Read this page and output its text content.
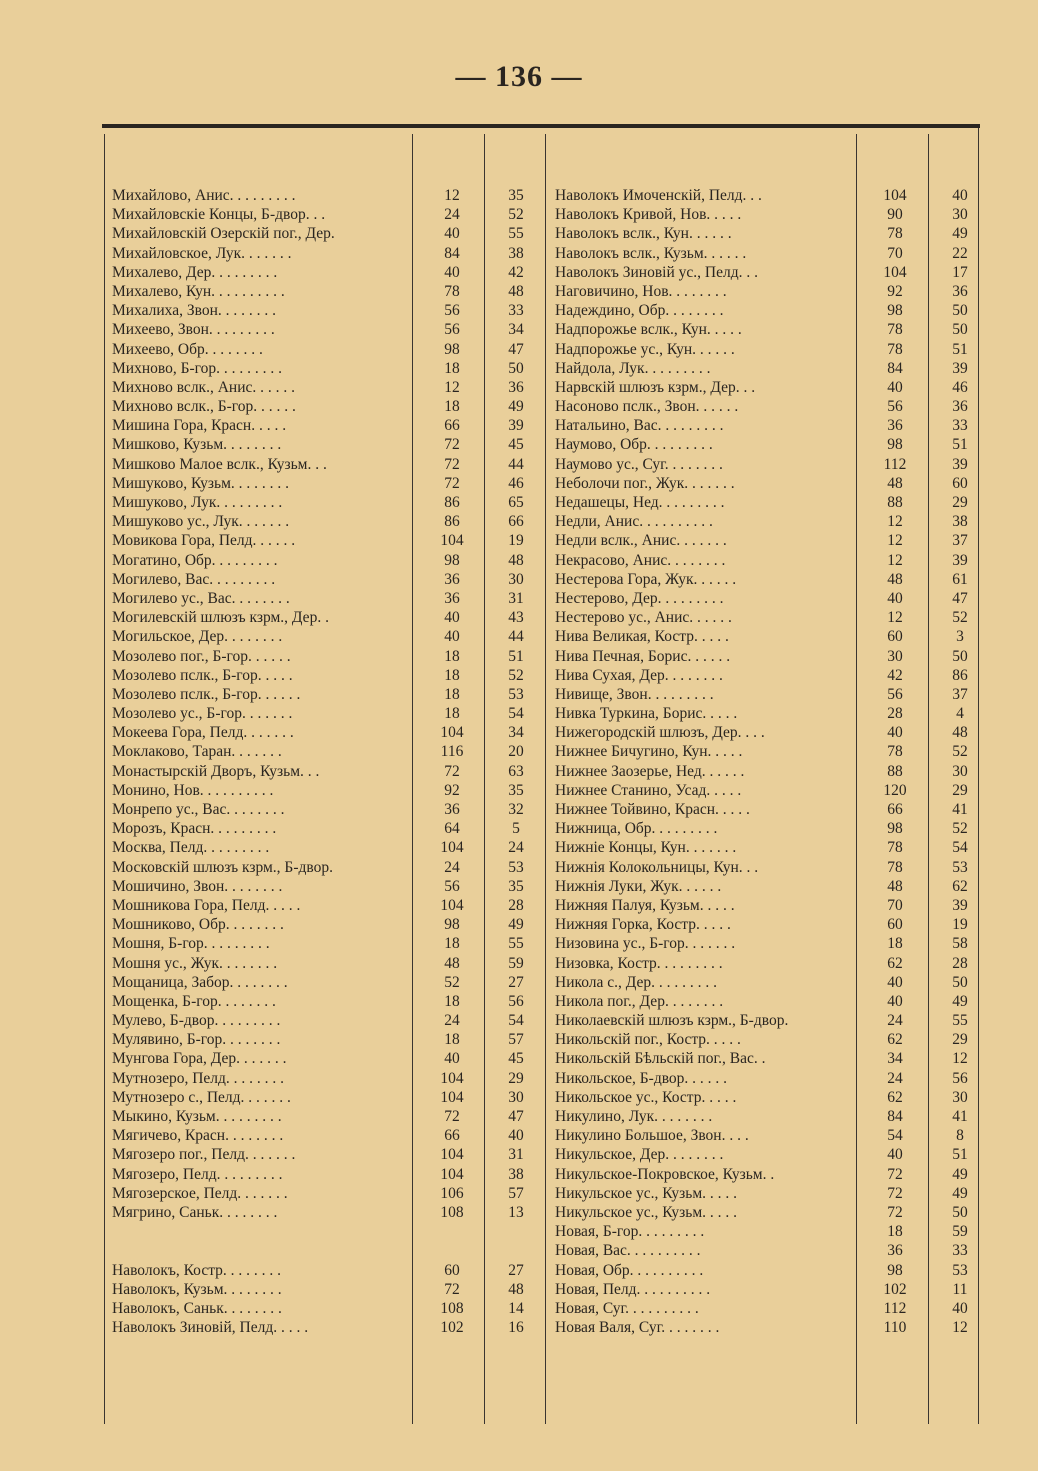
— 136 —
Михайлово, Анис. . . . . . . . .	12	35
Михайловскіе Концы, Б-двор. . .	24	52
Михайловскій Озерскій пог., Дер.	40	55
Михайловское, Лук. . . . . . .	84	38
Михалево, Дер. . . . . . . . .	40	42
Михалево, Кун. . . . . . . . . .	78	48
Михалиха, Звон. . . . . . . .	56	33
Михеево, Звон. . . . . . . . .	56	34
Михеево, Обр. . . . . . . .	98	47
Михново, Б-гор. . . . . . . . .	18	50
Михново вслк., Анис. . . . . .	12	36
Михново вслк., Б-гор. . . . . .	18	49
Мишина Гора, Красн. . . . .	66	39
Мишково, Кузьм. . . . . . . .	72	45
Мишково Малое вслк., Кузьм. . .	72	44
Мишуково, Кузьм. . . . . . . .	72	46
Мишуково, Лук. . . . . . . . .	86	65
Мишуково ус., Лук. . . . . . .	86	66
Мовикова Гора, Пелд. . . . . .	104	19
Могатино, Обр. . . . . . . . .	98	48
Могилево, Вас. . . . . . . . .	36	30
Могилево ус., Вас. . . . . . . .	36	31
Могилевскій шлюзъ кзрм., Дер. .	40	43
Могильское, Дер. . . . . . . .	40	44
Мозолево пог., Б-гор. . . . . .	18	51
Мозолево пслк., Б-гор. . . . .	18	52
Мозолево пслк., Б-гор. . . . . .	18	53
Мозолево ус., Б-гор. . . . . . .	18	54
Мокеева Гора, Пелд. . . . . . .	104	34
Моклаково, Таран. . . . . . .	116	20
Монастырскій Дворъ, Кузьм. . .	72	63
Монино, Нов. . . . . . . . . .	92	35
Монрепо ус., Вас. . . . . . . .	36	32
Морозъ, Красн. . . . . . . . .	64	5
Москва, Пелд. . . . . . . . .	104	24
Московскій шлюзъ кзрм., Б-двор.	24	53
Мошичино, Звон. . . . . . . .	56	35
Мошникова Гора, Пелд. . . . .	104	28
Мошниково, Обр. . . . . . . .	98	49
Мошня, Б-гор. . . . . . . . .	18	55
Мошня ус., Жук. . . . . . . .	48	59
Мощаница, Забор. . . . . . . .	52	27
Мощенка, Б-гор. . . . . . . .	18	56
Мулево, Б-двор. . . . . . . . .	24	54
Мулявино, Б-гор. . . . . . . .	18	57
Мунгова Гора, Дер. . . . . . .	40	45
Мутнозеро, Пелд. . . . . . . .	104	29
Мутнозеро с., Пелд. . . . . . .	104	30
Мыкино, Кузьм. . . . . . . . .	72	47
Мягичево, Красн. . . . . . . .	66	40
Мягозеро пог., Пелд. . . . . . .	104	31
Мягозеро, Пелд. . . . . . . . .	104	38
Мягозерское, Пелд. . . . . . .	106	57
Мягрино, Саньк. . . . . . . .	108	13
Наволокъ, Костр. . . . . . . .	60	27
Наволокъ, Кузьм. . . . . . . .	72	48
Наволокъ, Саньк. . . . . . . .	108	14
Наволокъ Зиновій, Пелд. . . . .	102	16
Наволокъ Имоченскій, Пелд. . .	104	40
Наволокъ Кривой, Нов. . . . .	90	30
Наволокъ вслк., Кун. . . . . .	78	49
Наволокъ вслк., Кузьм. . . . . .	70	22
Наволокъ Зиновій ус., Пелд. . .	104	17
Наговичино, Нов. . . . . . . .	92	36
Надеждино, Обр. . . . . . . .	98	50
Надпорожье вслк., Кун. . . . .	78	50
Надпорожье ус., Кун. . . . . .	78	51
Найдола, Лук. . . . . . . . .	84	39
Нарвскій шлюзъ кзрм., Дер. . .	40	46
Насоново пслк., Звон. . . . . .	56	36
Натальино, Вас. . . . . . . . .	36	33
Наумово, Обр. . . . . . . . .	98	51
Наумово ус., Суг. . . . . . . .	112	39
Неболочи пог., Жук. . . . . . .	48	60
Недашецы, Нед. . . . . . . . .	88	29
Недли, Анис. . . . . . . . . .	12	38
Недли вслк., Анис. . . . . . .	12	37
Некрасово, Анис. . . . . . . .	12	39
Нестерова Гора, Жук. . . . . .	48	61
Нестерово, Дер. . . . . . . . .	40	47
Нестерово ус., Анис. . . . . .	12	52
Нива Великая, Костр. . . . .	60	3
Нива Печная, Борис. . . . . .	30	50
Нива Сухая, Дер. . . . . . . .	42	86
Нивище, Звон. . . . . . . . .	56	37
Нивка Туркина, Борис. . . . .	28	4
Нижегородскій шлюзъ, Дер. . . .	40	48
Нижнее Бичугино, Кун. . . . .	78	52
Нижнее Заозерье, Нед. . . . . .	88	30
Нижнее Станино, Усад. . . . .	120	29
Нижнее Тойвино, Красн. . . . .	66	41
Нижница, Обр. . . . . . . . .	98	52
Нижніе Концы, Кун. . . . . . .	78	54
Нижнія Колокольницы, Кун. . .	78	53
Нижнія Луки, Жук. . . . . .	48	62
Нижняя Палуя, Кузьм. . . . .	70	39
Нижняя Горка, Костр. . . . .	60	19
Низовина ус., Б-гор. . . . . . .	18	58
Низовка, Костр. . . . . . . . .	62	28
Никола с., Дер. . . . . . . . .	40	50
Никола пог., Дер. . . . . . . .	40	49
Николаевскій шлюзъ кзрм., Б-двор.	24	55
Никольскій пог., Костр. . . . .	62	29
Никольскій Бѣльскій пог., Вас. .	34	12
Никольское, Б-двор. . . . . .	24	56
Никольское ус., Костр. . . . .	62	30
Никулино, Лук. . . . . . . .	84	41
Никулино Большое, Звон. . . .	54	8
Никульское, Дер. . . . . . . .	40	51
Никульское-Покровское, Кузьм. .	72	49
Никульское ус., Кузьм. . . . .	72	49
Никульское ус., Кузьм. . . . .	72	50
Новая, Б-гор. . . . . . . . .	18	59
Новая, Вас. . . . . . . . . .	36	33
Новая, Обр. . . . . . . . . .	98	53
Новая, Пелд. . . . . . . . . .	102	11
Новая, Суг. . . . . . . . . .	112	40
Новая Валя, Суг. . . . . . . .	110	12
